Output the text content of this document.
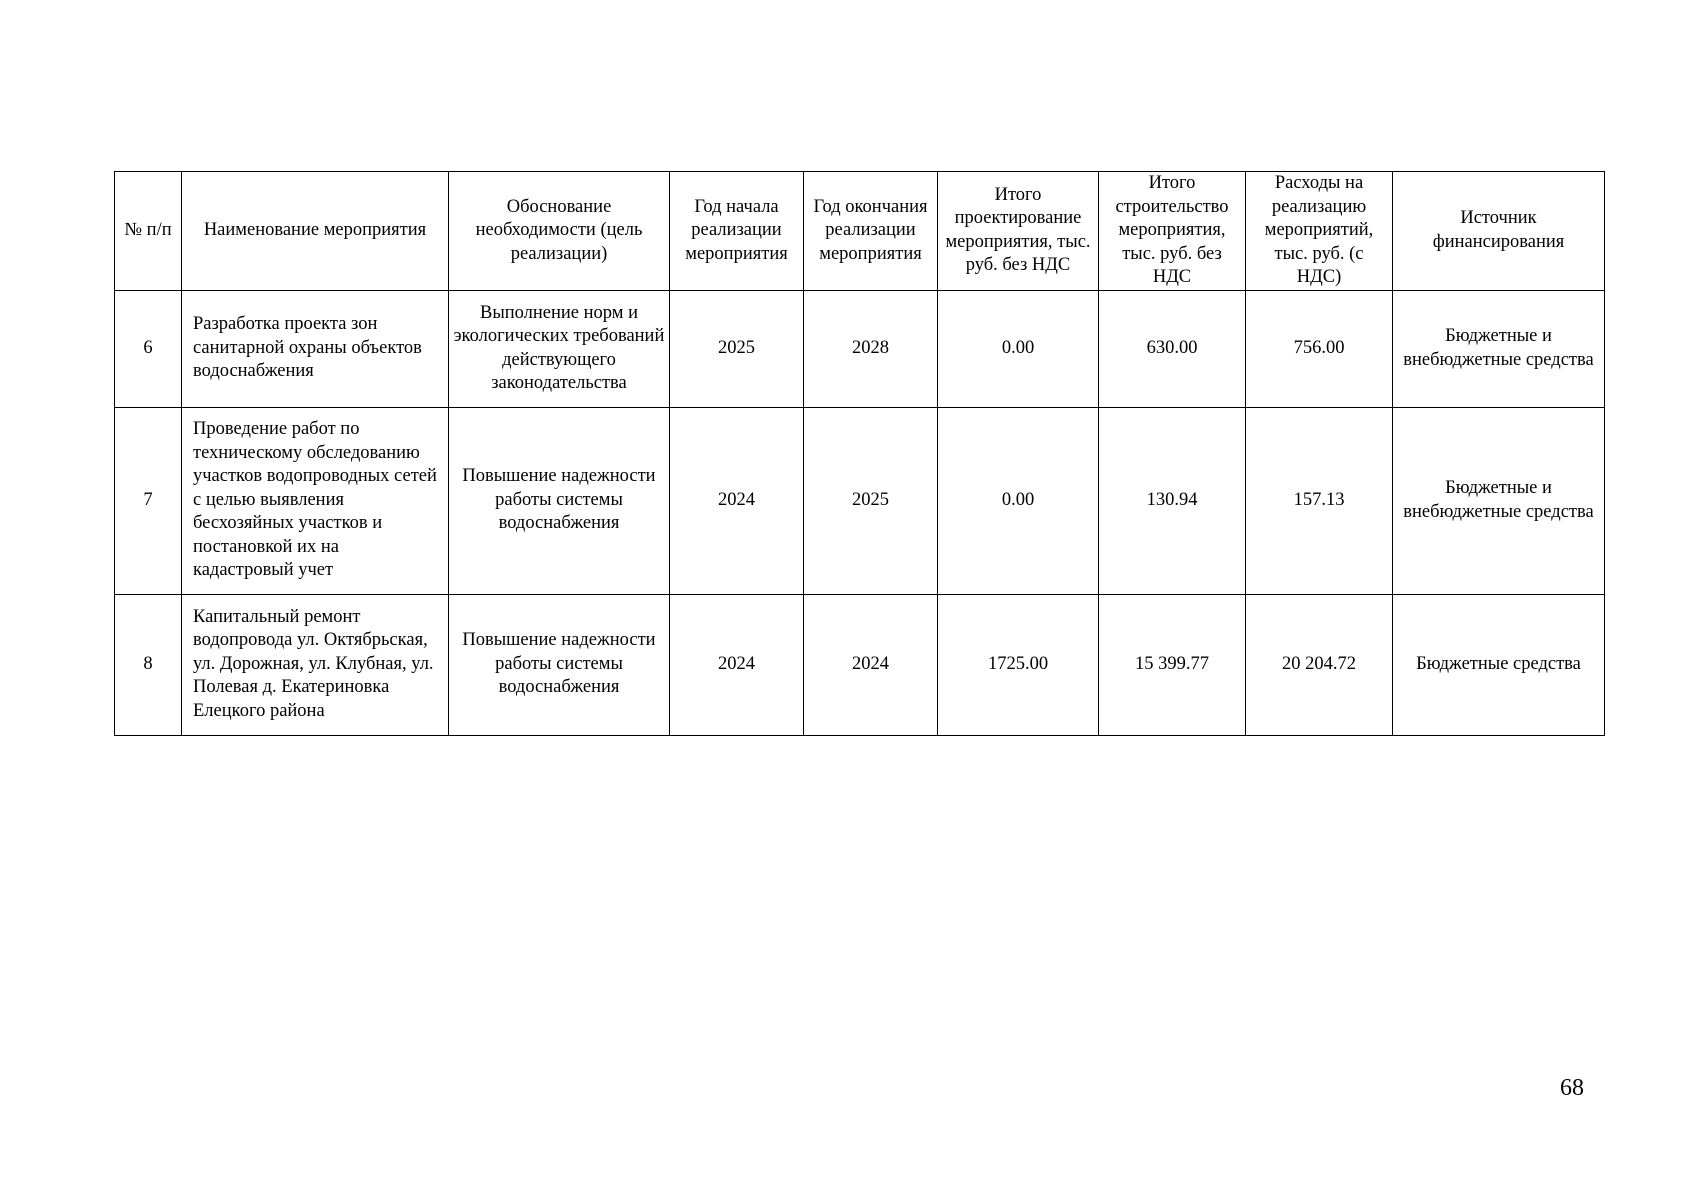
№ п/п	Наименование мероприятия	Обоснование необходимости (цель реализации)	Год начала реализации мероприятия	Год окончания реализации мероприятия	Итого проектирование мероприятия, тыс. руб. без НДС	Итого строительство мероприятия, тыс. руб. без НДС	Расходы на реализацию мероприятий, тыс. руб. (с НДС)	Источник финансирования
6	Разработка проекта зон санитарной охраны объектов водоснабжения	Выполнение норм и экологических требований действующего законодательства	2025	2028	0.00	630.00	756.00	Бюджетные и внебюджетные средства
7	Проведение работ по техническому обследованию участков водопроводных сетей с целью выявления бесхозяйных участков и постановкой их на кадастровый учет	Повышение надежности работы системы водоснабжения	2024	2025	0.00	130.94	157.13	Бюджетные и внебюджетные средства
8	Капитальный ремонт водопровода ул. Октябрьская, ул. Дорожная, ул. Клубная, ул. Полевая д. Екатериновка Елецкого района	Повышение надежности работы системы водоснабжения	2024	2024	1725.00	15 399.77	20 204.72	Бюджетные средства
68
